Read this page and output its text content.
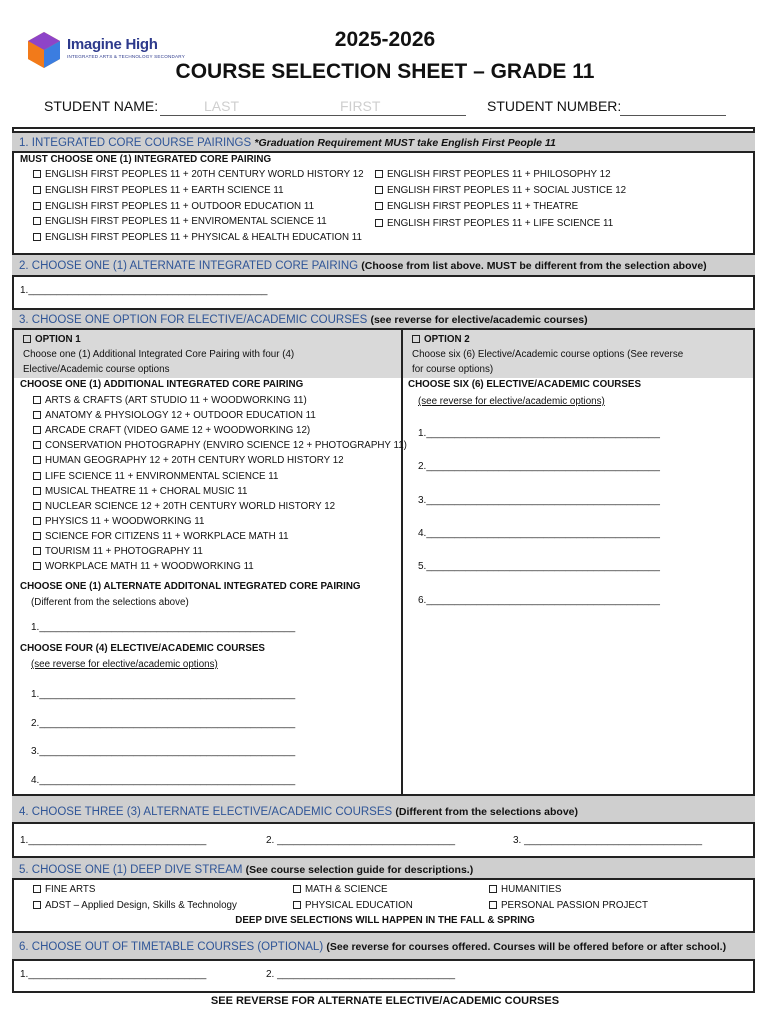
Imagine High
INTEGRATED ARTS & TECHNOLOGY SECONDARY
2025-2026
COURSE SELECTION SHEET – GRADE 11
STUDENT NAME:	LAST	FIRST	STUDENT NUMBER:
1. INTEGRATED CORE COURSE PAIRINGS *Graduation Requirement MUST take English First People 11
MUST CHOOSE ONE (1) INTEGRATED CORE PAIRING
ENGLISH FIRST PEOPLES 11 + 20TH CENTURY WORLD HISTORY 12
ENGLISH FIRST PEOPLES 11 + EARTH SCIENCE 11
ENGLISH FIRST PEOPLES 11 + OUTDOOR EDUCATION 11
ENGLISH FIRST PEOPLES 11 + ENVIROMENTAL SCIENCE 11
ENGLISH FIRST PEOPLES 11 + PHYSICAL & HEALTH EDUCATION 11
ENGLISH FIRST PEOPLES 11 + PHILOSOPHY 12
ENGLISH FIRST PEOPLES 11 + SOCIAL JUSTICE 12
ENGLISH FIRST PEOPLES 11 + THEATRE
ENGLISH FIRST PEOPLES 11 + LIFE SCIENCE 11
2. CHOOSE ONE (1) ALTERNATE INTEGRATED CORE PAIRING (Choose from list above. MUST be different from the selection above)
1.___________________________________________
3. CHOOSE ONE OPTION FOR ELECTIVE/ACADEMIC COURSES (see reverse for elective/academic courses)
OPTION 1
Choose one (1) Additional Integrated Core Pairing with four (4)
Elective/Academic course options
OPTION 2
Choose six (6) Elective/Academic course options (See reverse
for course options)
CHOOSE ONE (1) ADDITIONAL INTEGRATED CORE PAIRING
ARTS & CRAFTS (ART STUDIO 11 + WOODWORKING 11)
ANATOMY & PHYSIOLOGY 12 + OUTDOOR EDUCATION 11
ARCADE CRAFT (VIDEO GAME 12 + WOODWORKING 12)
CONSERVATION PHOTOGRAPHY (ENVIRO SCIENCE 12 + PHOTOGRAPHY 11)
HUMAN GEOGRAPHY 12 + 20TH CENTURY WORLD HISTORY 12
LIFE SCIENCE 11 + ENVIRONMENTAL SCIENCE 11
MUSICAL THEATRE 11 + CHORAL MUSIC 11
NUCLEAR SCIENCE 12 + 20TH CENTURY WORLD HISTORY 12
PHYSICS 11 + WOODWORKING 11
SCIENCE FOR CITIZENS 11 + WORKPLACE MATH 11
TOURISM 11 + PHOTOGRAPHY 11
WORKPLACE MATH 11 + WOODWORKING 11
CHOOSE ONE (1) ALTERNATE ADDITONAL INTEGRATED CORE PAIRING
(Different from the selections above)
1.______________________________________________
CHOOSE FOUR (4) ELECTIVE/ACADEMIC COURSES
(see reverse for elective/academic options)
1.______________________________________________
2.______________________________________________
3.______________________________________________
4.______________________________________________
CHOOSE SIX (6) ELECTIVE/ACADEMIC COURSES
(see reverse for elective/academic options)
1.__________________________________________
2.__________________________________________
3.__________________________________________
4.__________________________________________
5.__________________________________________
6.__________________________________________
4. CHOOSE THREE (3) ALTERNATE ELECTIVE/ACADEMIC COURSES (Different from the selections above)
1.________________________________	2. ________________________________	3. ________________________________
5. CHOOSE ONE (1) DEEP DIVE STREAM (See course selection guide for descriptions.)
FINE ARTS
ADST – Applied Design, Skills & Technology
MATH & SCIENCE
PHYSICAL EDUCATION
HUMANITIES
PERSONAL PASSION PROJECT
DEEP DIVE SELECTIONS WILL HAPPEN IN THE FALL & SPRING
6. CHOOSE OUT OF TIMETABLE COURSES (OPTIONAL) (See reverse for courses offered. Courses will be offered before or after school.)
1.________________________________	2. ________________________________
SEE REVERSE FOR ALTERNATE ELECTIVE/ACADEMIC COURSES
